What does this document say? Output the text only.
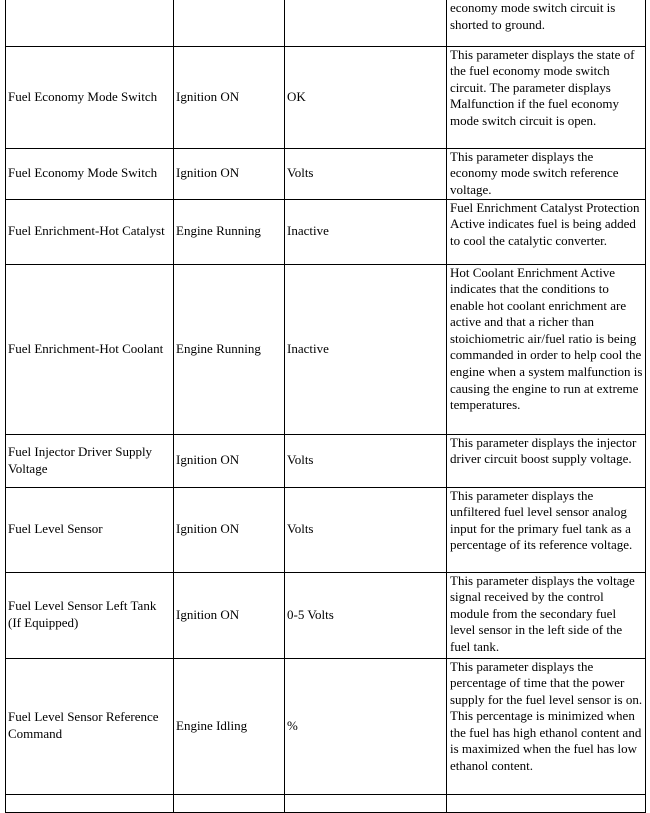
			economy mode switch circuit is shorted to ground.
Fuel Economy Mode Switch	Ignition ON	OK	This parameter displays the state of the fuel economy mode switch circuit. The parameter displays Malfunction if the fuel economy mode switch circuit is open.
Fuel Economy Mode Switch	Ignition ON	Volts	This parameter displays the economy mode switch reference voltage.
Fuel Enrichment-Hot Catalyst	Engine Running	Inactive	Fuel Enrichment Catalyst Protection Active indicates fuel is being added to cool the catalytic converter.
Fuel Enrichment-Hot Coolant	Engine Running	Inactive	Hot Coolant Enrichment Active indicates that the conditions to enable hot coolant enrichment are active and that a richer than stoichiometric air/fuel ratio is being commanded in order to help cool the engine when a system malfunction is causing the engine to run at extreme temperatures.
Fuel Injector Driver Supply Voltage	Ignition ON	Volts	This parameter displays the injector driver circuit boost supply voltage.
Fuel Level Sensor	Ignition ON	Volts	This parameter displays the unfiltered fuel level sensor analog input for the primary fuel tank as a percentage of its reference voltage.
Fuel Level Sensor Left Tank (If Equipped)	Ignition ON	0-5 Volts	This parameter displays the voltage signal received by the control module from the secondary fuel level sensor in the left side of the fuel tank.
Fuel Level Sensor Reference Command	Engine Idling	%	This parameter displays the percentage of time that the power supply for the fuel level sensor is on. This percentage is minimized when the fuel has high ethanol content and is maximized when the fuel has low ethanol content.
